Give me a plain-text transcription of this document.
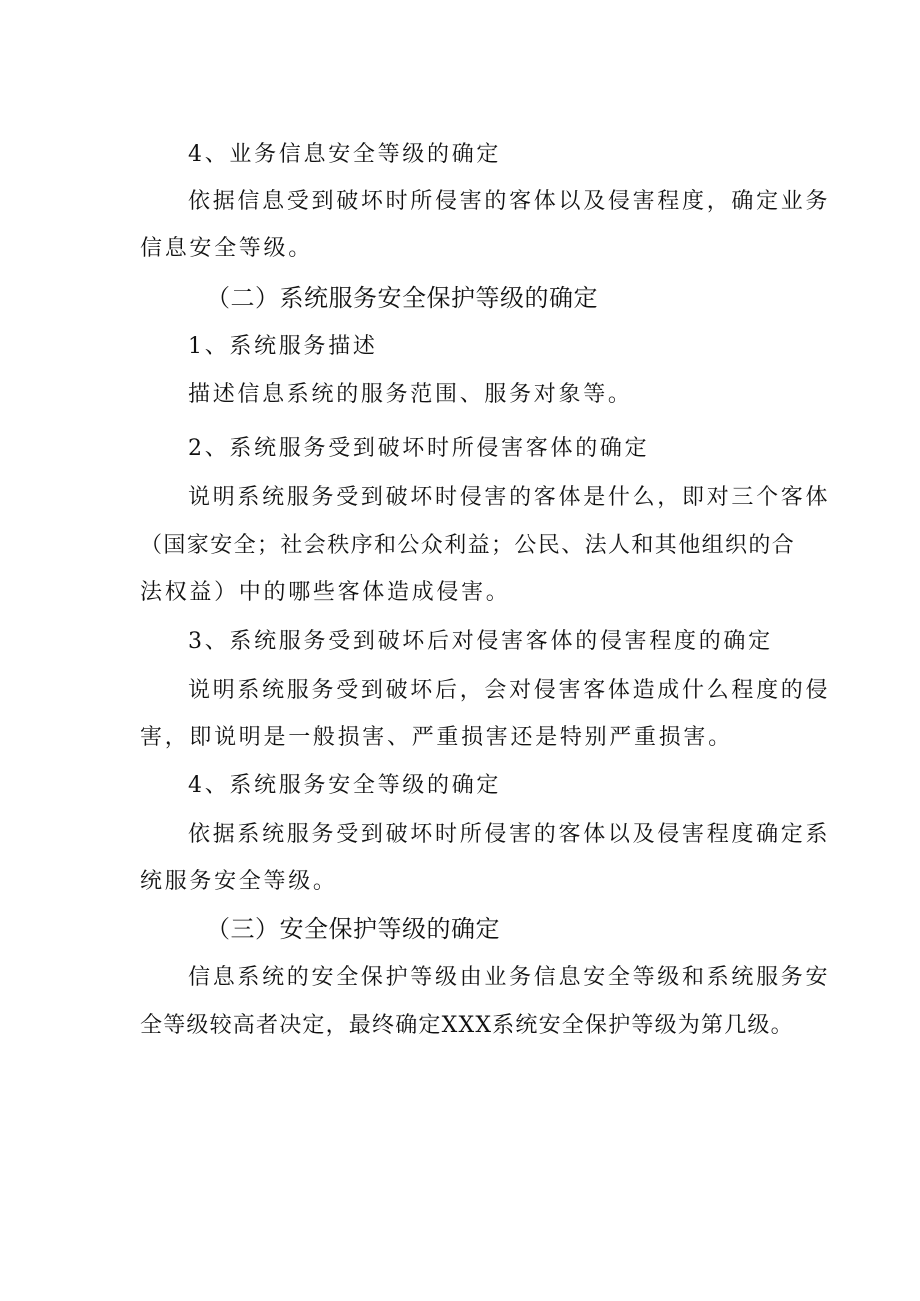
4、业务信息安全等级的确定
依据信息受到破坏时所侵害的客体以及侵害程度，确定业务
信息安全等级。
（二）系统服务安全保护等级的确定
1、系统服务描述
描述信息系统的服务范围、服务对象等。
2、系统服务受到破坏时所侵害客体的确定
说明系统服务受到破坏时侵害的客体是什么，即对三个客体
（国家安全；社会秩序和公众利益；公民、法人和其他组织的合
法权益）中的哪些客体造成侵害。
3、系统服务受到破坏后对侵害客体的侵害程度的确定
说明系统服务受到破坏后，会对侵害客体造成什么程度的侵
害，即说明是一般损害、严重损害还是特别严重损害。
4、系统服务安全等级的确定
依据系统服务受到破坏时所侵害的客体以及侵害程度确定系
统服务安全等级。
（三）安全保护等级的确定
信息系统的安全保护等级由业务信息安全等级和系统服务安
全等级较高者决定，最终确定XXX系统安全保护等级为第几级。
